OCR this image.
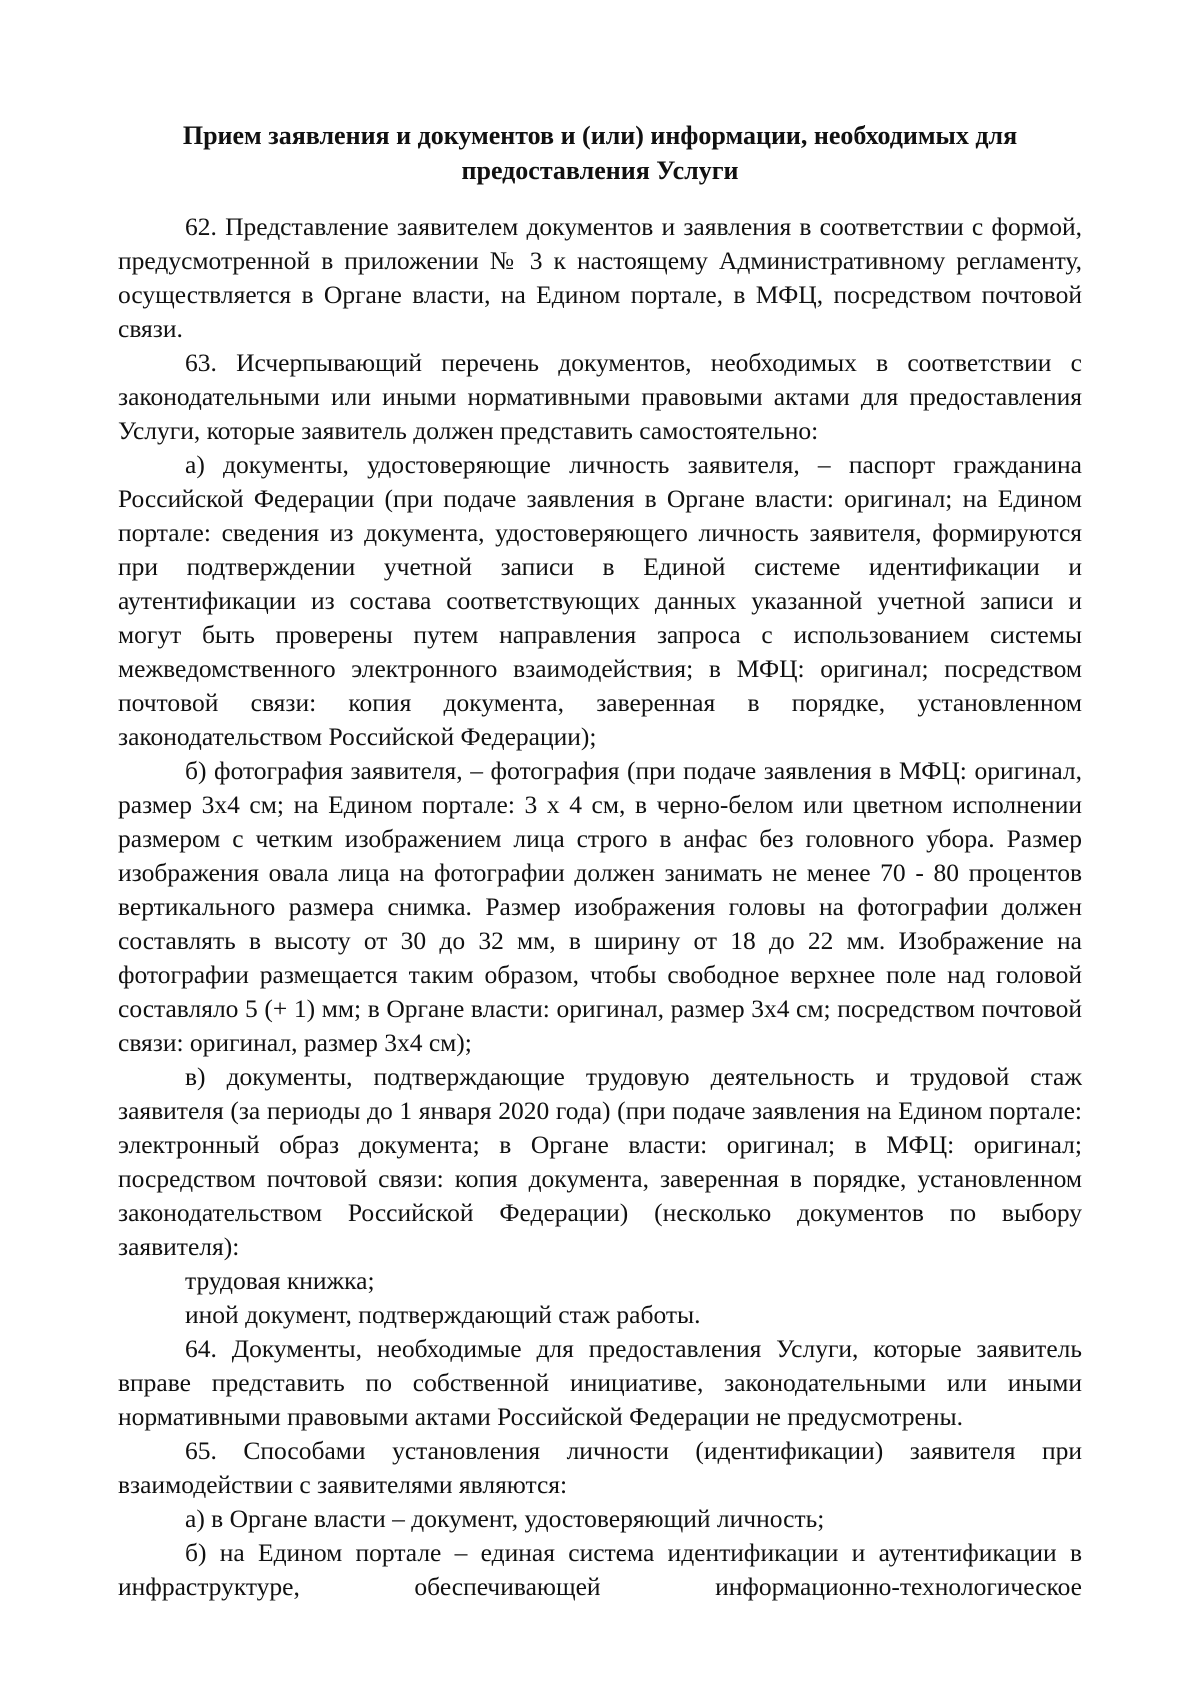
Прием заявления и документов и (или) информации, необходимых для
предоставления Услуги

62. Представление заявителем документов и заявления в соответствии с формой, предусмотренной в приложении № 3 к настоящему Административному регламенту, осуществляется в Органе власти, на Едином портале, в МФЦ, посредством почтовой связи.

63. Исчерпывающий перечень документов, необходимых в соответствии с законодательными или иными нормативными правовыми актами для предоставления Услуги, которые заявитель должен представить самостоятельно:

а) документы, удостоверяющие личность заявителя, – паспорт гражданина Российской Федерации (при подаче заявления в Органе власти: оригинал; на Едином портале: сведения из документа, удостоверяющего личность заявителя, формируются при подтверждении учетной записи в Единой системе идентификации и аутентификации из состава соответствующих данных указанной учетной записи и могут быть проверены путем направления запроса с использованием системы межведомственного электронного взаимодействия; в МФЦ: оригинал; посредством почтовой связи: копия документа, заверенная в порядке, установленном законодательством Российской Федерации);

б) фотография заявителя, – фотография (при подаче заявления в МФЦ: оригинал, размер 3х4 см; на Едином портале: 3 х 4 см, в черно-белом или цветном исполнении размером с четким изображением лица строго в анфас без головного убора. Размер изображения овала лица на фотографии должен занимать не менее 70 - 80 процентов вертикального размера снимка. Размер изображения головы на фотографии должен составлять в высоту от 30 до 32 мм, в ширину от 18 до 22 мм. Изображение на фотографии размещается таким образом, чтобы свободное верхнее поле над головой составляло 5 (+ 1) мм; в Органе власти: оригинал, размер 3х4 см; посредством почтовой связи: оригинал, размер 3х4 см);

в) документы, подтверждающие трудовую деятельность и трудовой стаж заявителя (за периоды до 1 января 2020 года) (при подаче заявления на Едином портале: электронный образ документа; в Органе власти: оригинал; в МФЦ: оригинал; посредством почтовой связи: копия документа, заверенная в порядке, установленном законодательством Российской Федерации) (несколько документов по выбору заявителя):

трудовая книжка;

иной документ, подтверждающий стаж работы.

64. Документы, необходимые для предоставления Услуги, которые заявитель вправе представить по собственной инициативе, законодательными или иными нормативными правовыми актами Российской Федерации не предусмотрены.

65. Способами установления личности (идентификации) заявителя при взаимодействии с заявителями являются:

а) в Органе власти – документ, удостоверяющий личность;

б) на Едином портале – единая система идентификации и аутентификации в инфраструктуре, обеспечивающей информационно-технологическое
